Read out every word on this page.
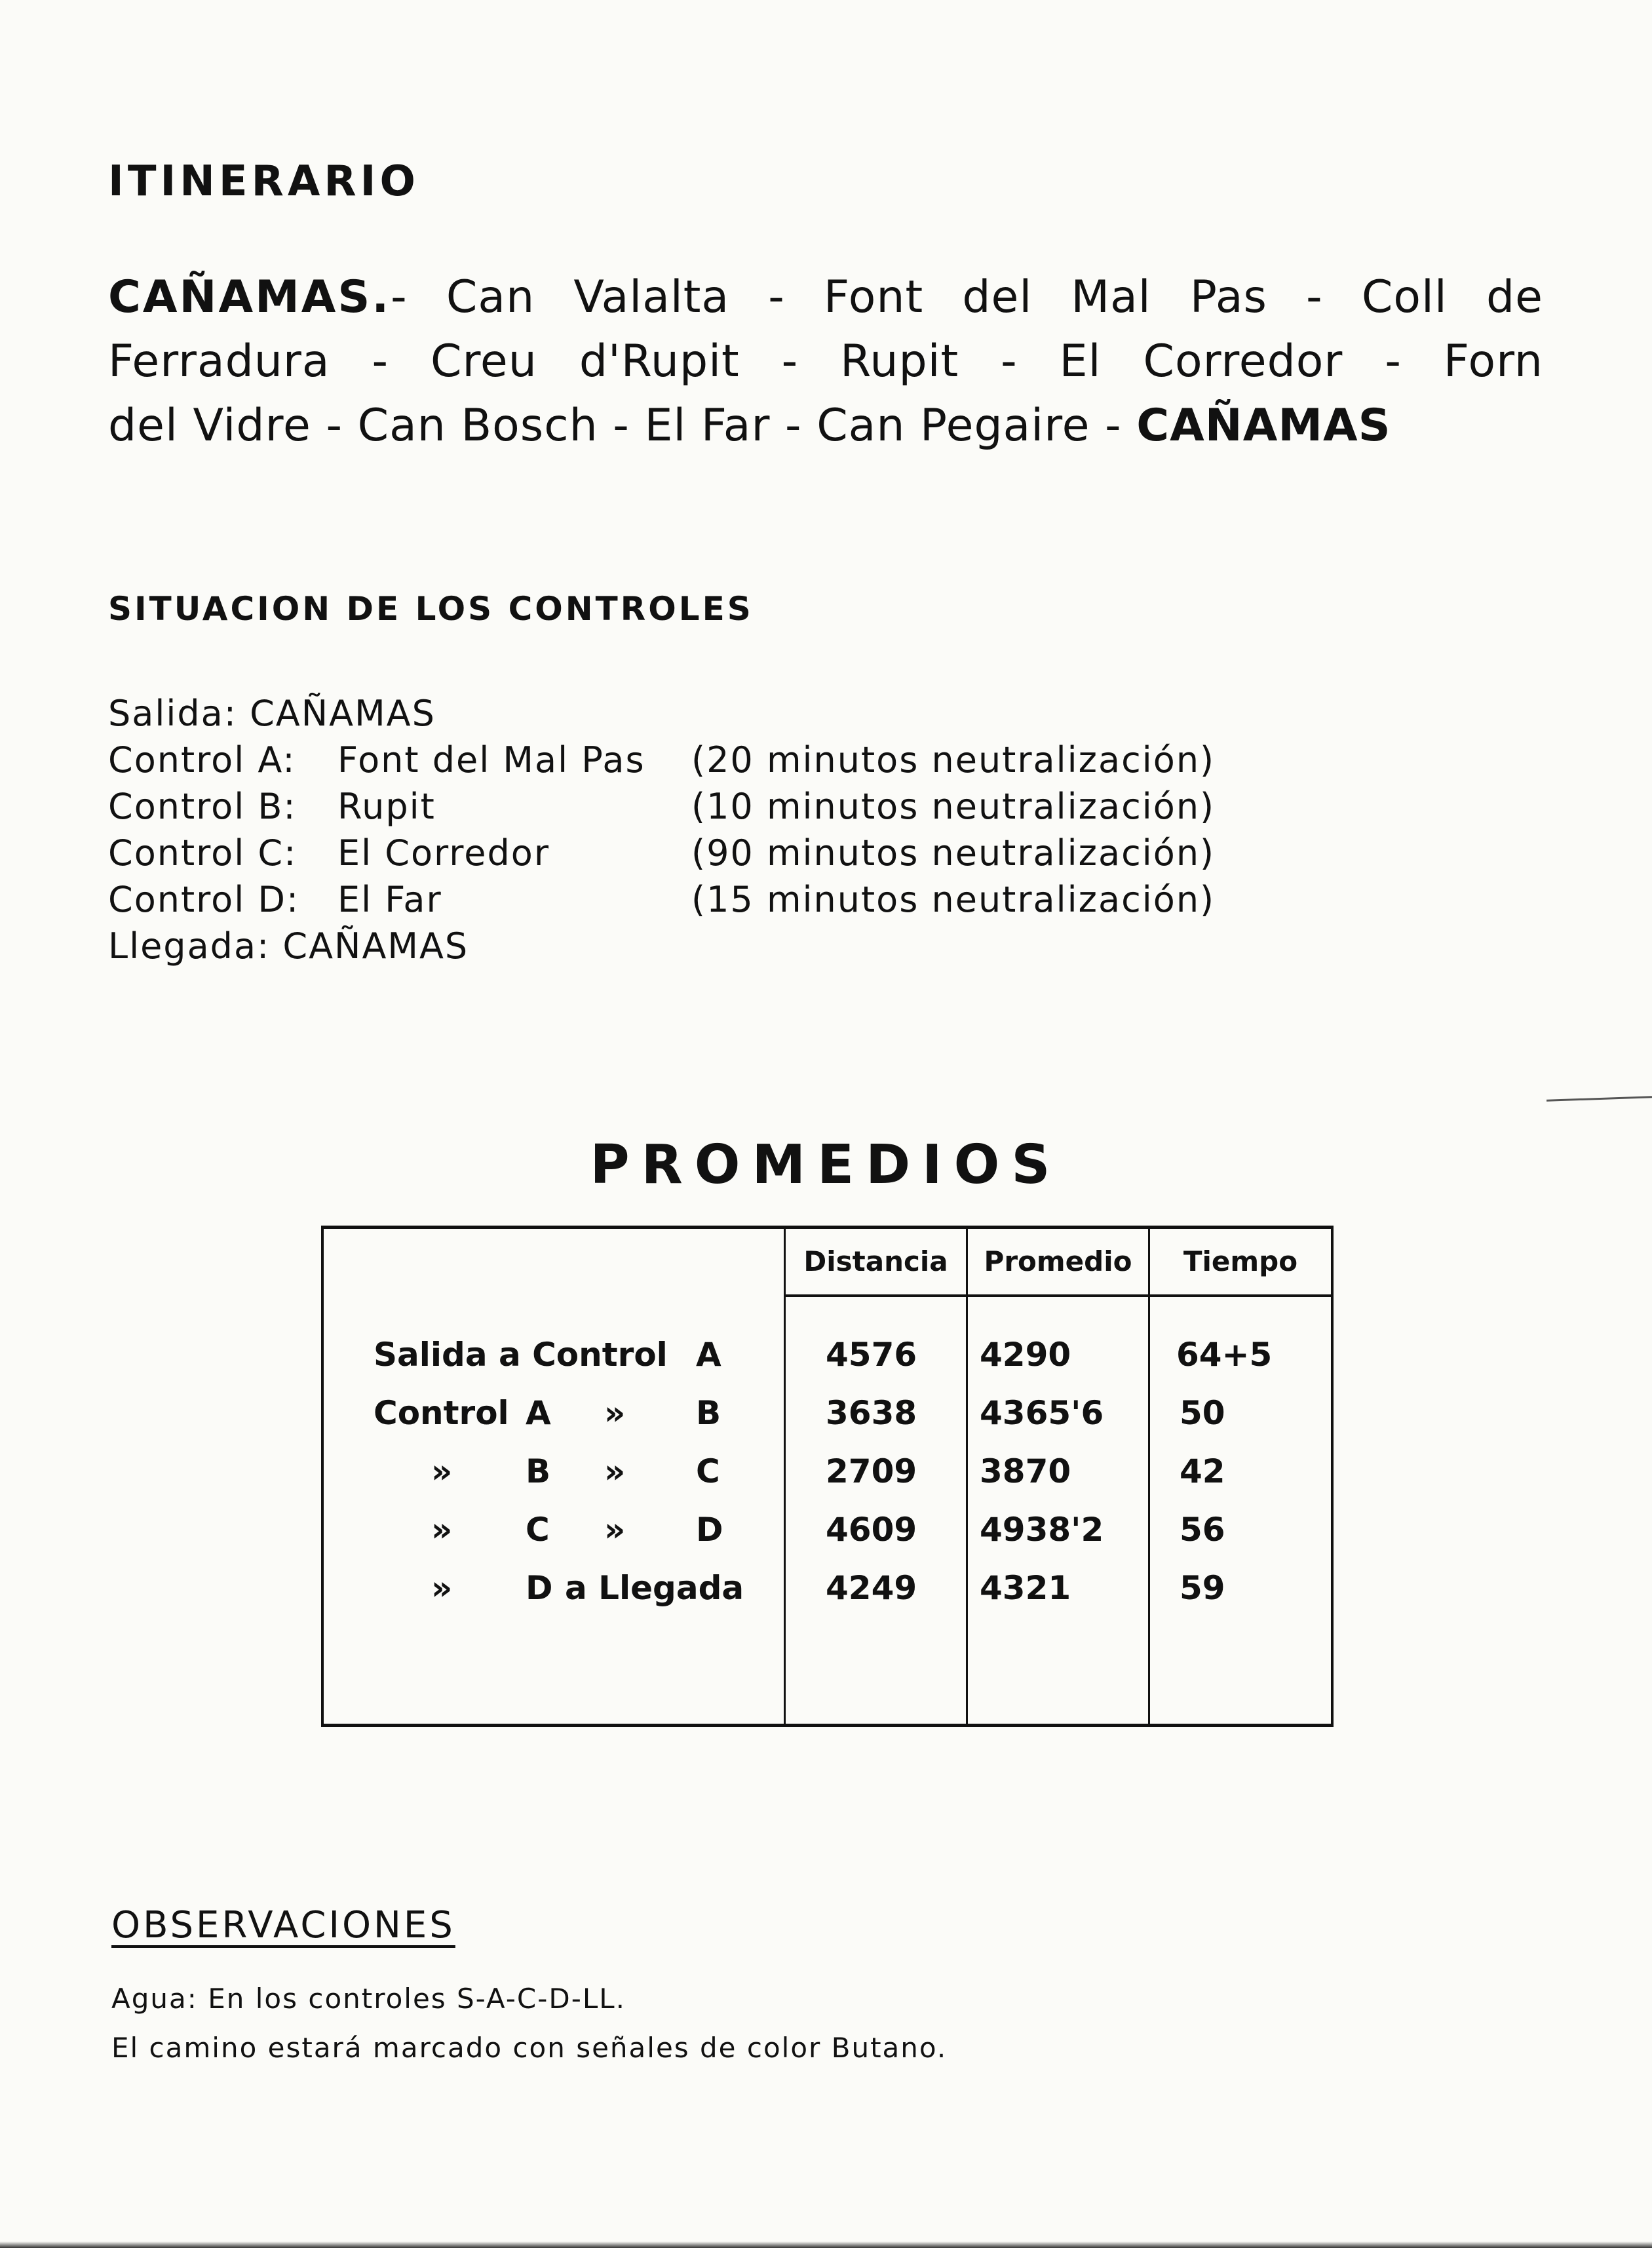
ITINERARIO
CAÑAMAS.- Can Valalta - Font del Mal Pas - Coll de
Ferradura - Creu d'Rupit - Rupit - El Corredor - Forn
del Vidre - Can Bosch - El Far - Can Pegaire - CAÑAMAS
SITUACION DE LOS CONTROLES
Salida: CAÑAMAS
Control A: Font del Mal Pas (20 minutos neutralización)
Control B: Rupit	(10 minutos neutralización)
Control C: El Corredor	(90 minutos neutralización)
Control D: El Far	(15 minutos neutralización)
Llegada: CAÑAMAS
PROMEDIOS
Distancia	Promedio	Tiempo
Salida a Control A	4576 4290	64+5
Control A » B	3638 4365'6 50
» B » C	2709 3870	42
» C » D	4609 4938'2 56
» D a Llegada 4249 4321	59
OBSERVACIONES
Agua: En los controles S-A-C-D-LL.
El camino estará marcado con señales de color Butano.
